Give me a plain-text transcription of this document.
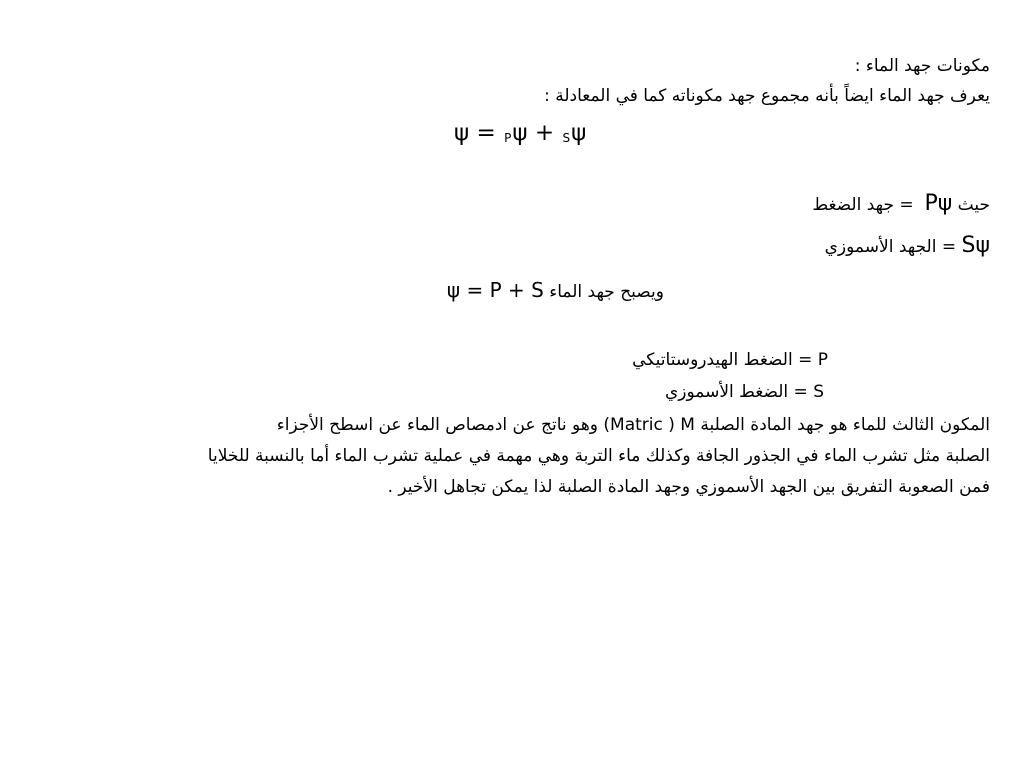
مكونات جهد الماء :
يعرف جهد الماء ايضاً بأنه مجموع جهد مكوناته كما في المعادلة :
ψ = $_P$ψ + $_S$ψ
حيث Pψ  = جهد الضغط
Sψ = الجهد الأسموزي
ويصبح جهد الماء ψ = P + S
P = الضغط الهيدروستاتيكي
S = الضغط الأسموزي
المكون الثالث للماء هو جهد المادة الصلبة M (Matric ) وهو ناتج عن ادمصاص الماء عن اسطح الأجزاء
الصلبة مثل تشرب الماء في الجذور الجافة وكذلك ماء التربة وهي مهمة في عملية تشرب الماء أما بالنسبة للخلايا
فمن الصعوبة التفريق بين الجهد الأسموزي وجهد المادة الصلبة لذا يمكن تجاهل الأخير .
